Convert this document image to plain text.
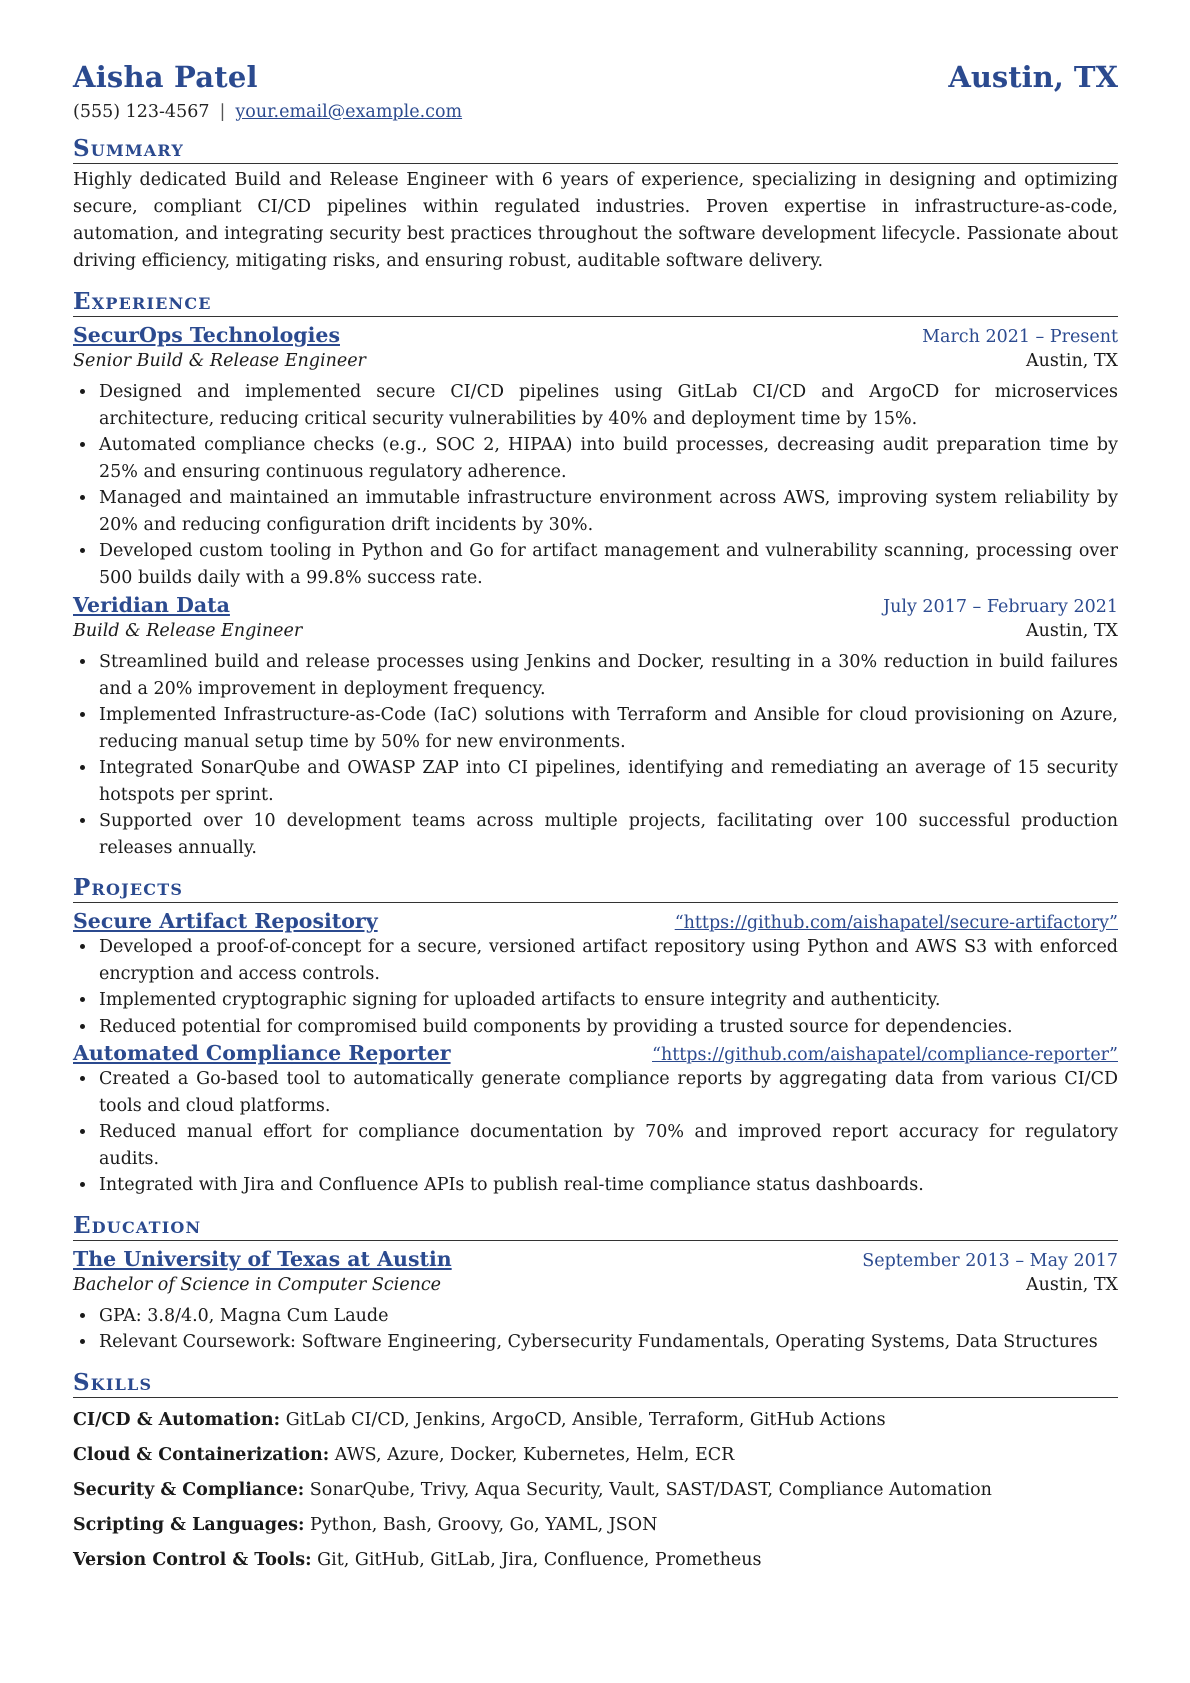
Aisha Patel	Austin, TX
(555) 123-4567 | your.email@example.com
Summary
Highly dedicated Build and Release Engineer with 6 years of experience, specializing in designing and optimizing secure, compliant CI/CD pipelines within regulated industries. Proven expertise in infrastructure-as-code, automation, and integrating security best practices throughout the software development lifecycle. Passionate about driving efficiency, mitigating risks, and ensuring robust, auditable software delivery.
Experience
SecurOps Technologies	March 2021 – Present
Senior Build & Release Engineer	Austin, TX
• Designed and implemented secure CI/CD pipelines using GitLab CI/CD and ArgoCD for microservices architecture, reducing critical security vulnerabilities by 40% and deployment time by 15%.
• Automated compliance checks (e.g., SOC 2, HIPAA) into build processes, decreasing audit preparation time by 25% and ensuring continuous regulatory adherence.
• Managed and maintained an immutable infrastructure environment across AWS, improving system reliability by 20% and reducing configuration drift incidents by 30%.
• Developed custom tooling in Python and Go for artifact management and vulnerability scanning, processing over 500 builds daily with a 99.8% success rate.
Veridian Data	July 2017 – February 2021
Build & Release Engineer	Austin, TX
• Streamlined build and release processes using Jenkins and Docker, resulting in a 30% reduction in build failures and a 20% improvement in deployment frequency.
• Implemented Infrastructure-as-Code (IaC) solutions with Terraform and Ansible for cloud provisioning on Azure, reducing manual setup time by 50% for new environments.
• Integrated SonarQube and OWASP ZAP into CI pipelines, identifying and remediating an average of 15 security hotspots per sprint.
• Supported over 10 development teams across multiple projects, facilitating over 100 successful production releases annually.
Projects
Secure Artifact Repository	“https://github.com/aishapatel/secure-artifactory”
• Developed a proof-of-concept for a secure, versioned artifact repository using Python and AWS S3 with enforced encryption and access controls.
• Implemented cryptographic signing for uploaded artifacts to ensure integrity and authenticity.
• Reduced potential for compromised build components by providing a trusted source for dependencies.
Automated Compliance Reporter	“https://github.com/aishapatel/compliance-reporter”
• Created a Go-based tool to automatically generate compliance reports by aggregating data from various CI/CD tools and cloud platforms.
• Reduced manual effort for compliance documentation by 70% and improved report accuracy for regulatory audits.
• Integrated with Jira and Confluence APIs to publish real-time compliance status dashboards.
Education
The University of Texas at Austin	September 2013 – May 2017
Bachelor of Science in Computer Science	Austin, TX
• GPA: 3.8/4.0, Magna Cum Laude
• Relevant Coursework: Software Engineering, Cybersecurity Fundamentals, Operating Systems, Data Structures
Skills
CI/CD & Automation: GitLab CI/CD, Jenkins, ArgoCD, Ansible, Terraform, GitHub Actions
Cloud & Containerization: AWS, Azure, Docker, Kubernetes, Helm, ECR
Security & Compliance: SonarQube, Trivy, Aqua Security, Vault, SAST/DAST, Compliance Automation
Scripting & Languages: Python, Bash, Groovy, Go, YAML, JSON
Version Control & Tools: Git, GitHub, GitLab, Jira, Confluence, Prometheus
